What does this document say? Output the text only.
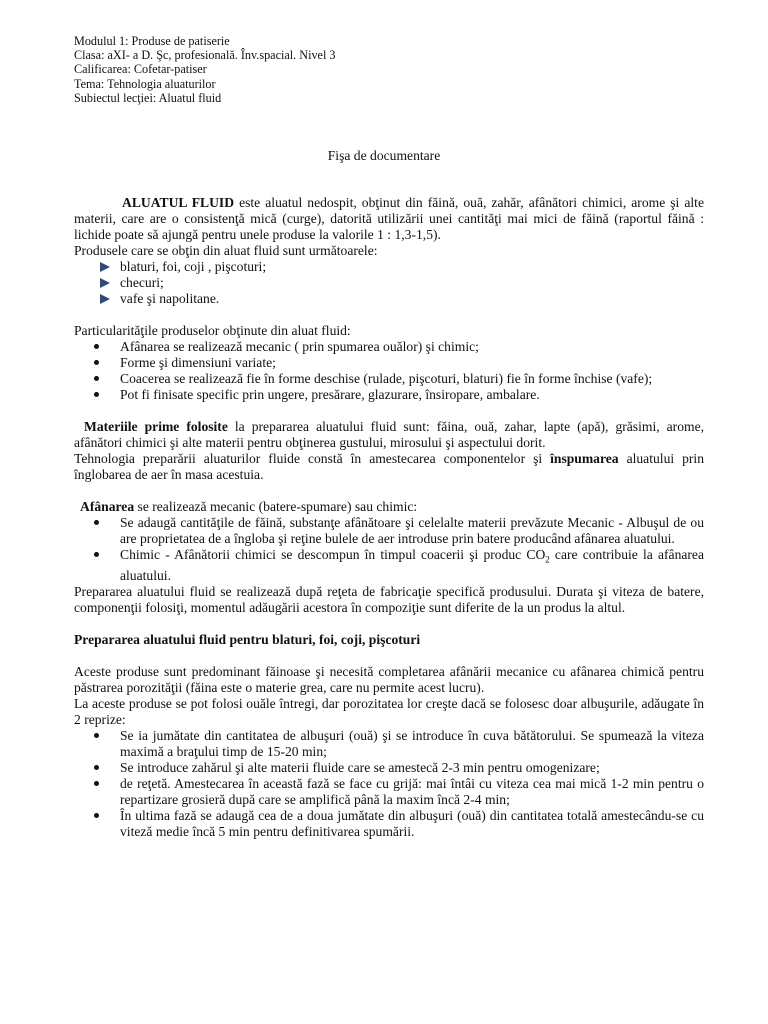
Modulul 1: Produse de patiserie
Clasa: aXI- a D. Şc, profesională. Înv.spacial. Nivel 3
Calificarea: Cofetar-patiser
Tema: Tehnologia aluaturilor
Subiectul lecţiei: Aluatul fluid
Fişa de documentare

ALUATUL FLUID este aluatul nedospit, obţinut din făină, ouă, zahăr, afânători chimici, arome şi alte materii, care are o consistenţă mică (curge), datorită utilizării unei cantităţi mai mici de făină (raportul făină : lichide poate să ajungă pentru unele produse la valorile 1 : 1,3-1,5).

Produsele care se obţin din aluat fluid sunt următoarele:

blaturi, foi, coji , pişcoturi;
checuri;
vafe şi napolitane.

Particularităţile produselor obţinute din aluat fluid:

Afânarea se realizează mecanic ( prin spumarea ouălor) şi chimic;
Forme şi dimensiuni variate;
Coacerea se realizează fie în forme deschise (rulade, pişcoturi, blaturi) fie în forme închise (vafe);
Pot fi finisate specific prin ungere, presărare, glazurare, însiropare, ambalare.

Materiile prime folosite la prepararea aluatului fluid sunt: făina, ouă, zahar, lapte (apă), grăsimi, arome, afânători chimici şi alte materii pentru obţinerea gustului, mirosului şi aspectului dorit.

Tehnologia preparării aluaturilor fluide constă în amestecarea componentelor şi înspumarea aluatului prin înglobarea de aer în masa acestuia.

Afânarea se realizează mecanic (batere-spumare) sau chimic:

Se adaugă cantităţile de făină, substanţe afânătoare şi celelalte materii prevăzute Mecanic - Albuşul de ou are proprietatea de a îngloba şi reţine bulele de aer introduse prin batere producând afânarea aluatului.
Chimic - Afânătorii chimici se descompun în timpul coacerii şi produc $CO_2$ care contribuie la afânarea aluatului.

Prepararea aluatului fluid se realizează după reţeta de fabricaţie specifică produsului. Durata şi viteza de batere, componenţii folosiţi, momentul adăugării acestora în compoziţie sunt diferite de la un produs la altul.

Prepararea aluatului fluid pentru blaturi, foi, coji, pişcoturi

Aceste produse sunt predominant făinoase şi necesită completarea afânării mecanice cu afânarea chimică pentru păstrarea porozităţii (făina este o materie grea, care nu permite acest lucru).

La aceste produse se pot folosi ouăle întregi, dar porozitatea lor creşte dacă se folosesc doar albuşurile, adăugate în 2 reprize:

Se ia jumătate din cantitatea de albuşuri (ouă) şi se introduce în cuva bătătorului. Se spumează la viteza maximă a braţului timp de 15-20 min;
Se introduce zahărul şi alte materii fluide care se amestecă 2-3 min pentru omogenizare;
de reţetă. Amestecarea în această fază se face cu grijă: mai întâi cu viteza cea mai mică 1-2 min pentru o repartizare grosieră după care se amplifică până la maxim încă 2-4 min;
În ultima fază se adaugă cea de a doua jumătate din albuşuri (ouă) din cantitatea totală amestecându-se cu viteză medie încă 5 min pentru definitivarea spumării.
